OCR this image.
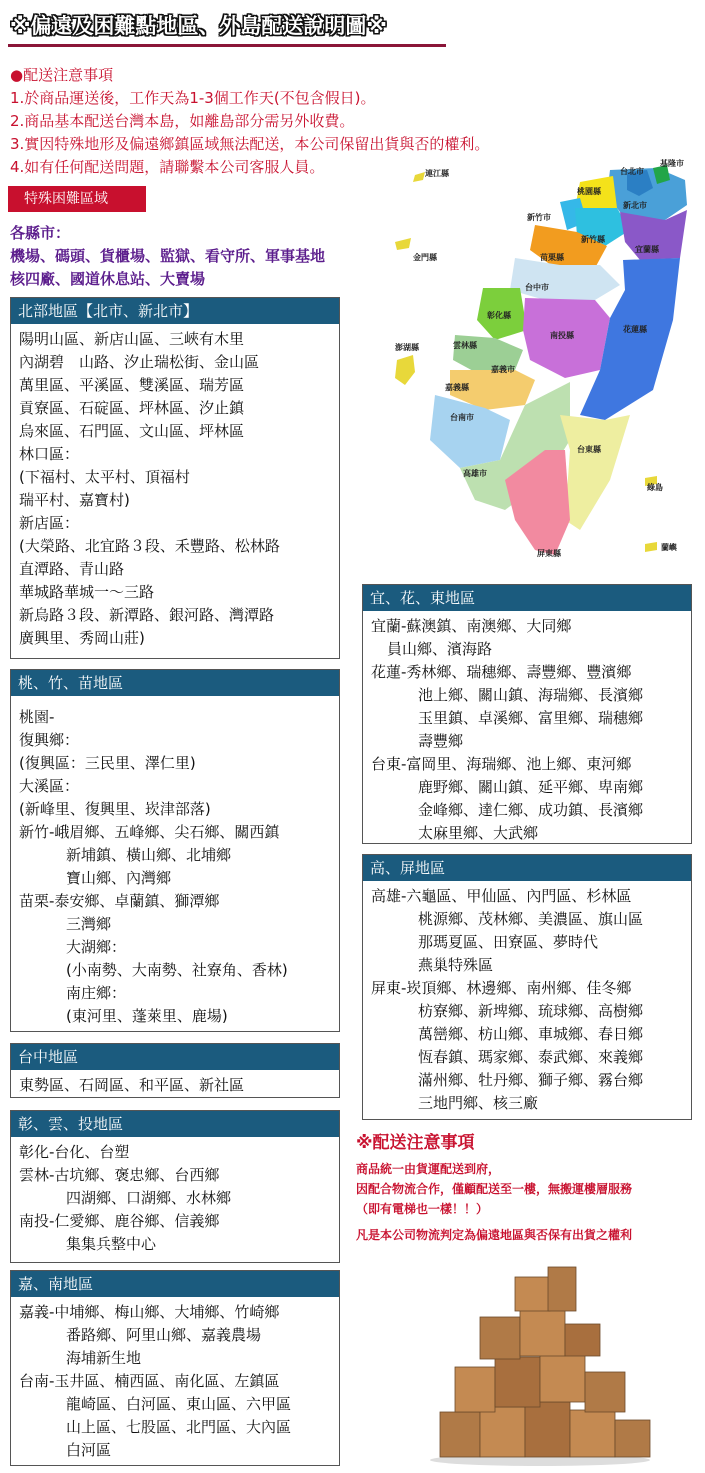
※偏遠及困難點地區、外島配送說明圖※
●配送注意事項
1.於商品運送後，工作天為1-3個工作天(不包含假日)。
2.商品基本配送台灣本島，如離島部分需另外收費。
3.實因特殊地形及偏遠鄉鎮區域無法配送，本公司保留出貨與否的權利。
4.如有任何配送問題，請聯繫本公司客服人員。
特殊困難區域
各縣市：
機場、碼頭、貨櫃場、監獄、看守所、軍事基地
核四廠、國道休息站、大賣場
基隆市
台北市
連江縣
桃園縣
新北市
新竹市
新竹縣
宜蘭縣
金門縣	苗栗縣
台中市
彰化縣
南投縣
花蓮縣
澎湖縣	雲林縣
嘉義市
嘉義縣
台南市
台東縣
高雄市
綠島
屏東縣
蘭嶼
北部地區【北市、新北市】
陽明山區、新店山區、三峽有木里
內湖碧　山路、汐止瑞松街、金山區
萬里區、平溪區、雙溪區、瑞芳區
貢寮區、石碇區、坪林區、汐止鎮
烏來區、石門區、文山區、坪林區
林口區：
(下福村、太平村、頂福村
瑞平村、嘉寶村)
新店區：
(大榮路、北宜路３段、禾豐路、松林路
直潭路、青山路
華城路華城一～三路
新烏路３段、新潭路、銀河路、灣潭路
廣興里、秀岡山莊)
桃、竹、苗地區
桃園-
復興鄉：
(復興區：三民里、澤仁里)
大溪區：
(新峰里、復興里、崁津部落)
新竹-峨眉鄉、五峰鄉、尖石鄉、關西鎮
新埔鎮、橫山鄉、北埔鄉
寶山鄉、內灣鄉
苗栗-泰安鄉、卓蘭鎮、獅潭鄉
三灣鄉
大湖鄉：
(小南勢、大南勢、社寮角、香林)
南庄鄉：
(東河里、蓬萊里、鹿場)
台中地區
東勢區、石岡區、和平區、新社區
彰、雲、投地區
彰化-台化、台塑
雲林-古坑鄉、褒忠鄉、台西鄉
四湖鄉、口湖鄉、水林鄉
南投-仁愛鄉、鹿谷鄉、信義鄉
集集兵整中心
嘉、南地區
嘉義-中埔鄉、梅山鄉、大埔鄉、竹崎鄉
番路鄉、阿里山鄉、嘉義農場
海埔新生地
台南-玉井區、楠西區、南化區、左鎮區
龍崎區、白河區、東山區、六甲區
山上區、七股區、北門區、大內區
白河區
宜、花、東地區
宜蘭-蘇澳鎮、南澳鄉、大同鄉
員山鄉、濱海路
花蓮-秀林鄉、瑞穗鄉、壽豐鄉、豐濱鄉
池上鄉、關山鎮、海瑞鄉、長濱鄉
玉里鎮、卓溪鄉、富里鄉、瑞穗鄉
壽豐鄉
台東-富岡里、海瑞鄉、池上鄉、東河鄉
鹿野鄉、關山鎮、延平鄉、卑南鄉
金峰鄉、達仁鄉、成功鎮、長濱鄉
太麻里鄉、大武鄉
高、屏地區
高雄-六龜區、甲仙區、內門區、杉林區
桃源鄉、茂林鄉、美濃區、旗山區
那瑪夏區、田寮區、夢時代
燕巢特殊區
屏東-崁頂鄉、林邊鄉、南州鄉、佳冬鄉
枋寮鄉、新埤鄉、琉球鄉、高樹鄉
萬巒鄉、枋山鄉、車城鄉、春日鄉
恆春鎮、瑪家鄉、泰武鄉、來義鄉
滿州鄉、牡丹鄉、獅子鄉、霧台鄉
三地門鄉、核三廠
※配送注意事項
商品統一由貨運配送到府，
因配合物流合作，僅顧配送至一樓，無搬運樓層服務
（即有電梯也一樣！！）
凡是本公司物流判定為偏遠地區與否保有出貨之權利
